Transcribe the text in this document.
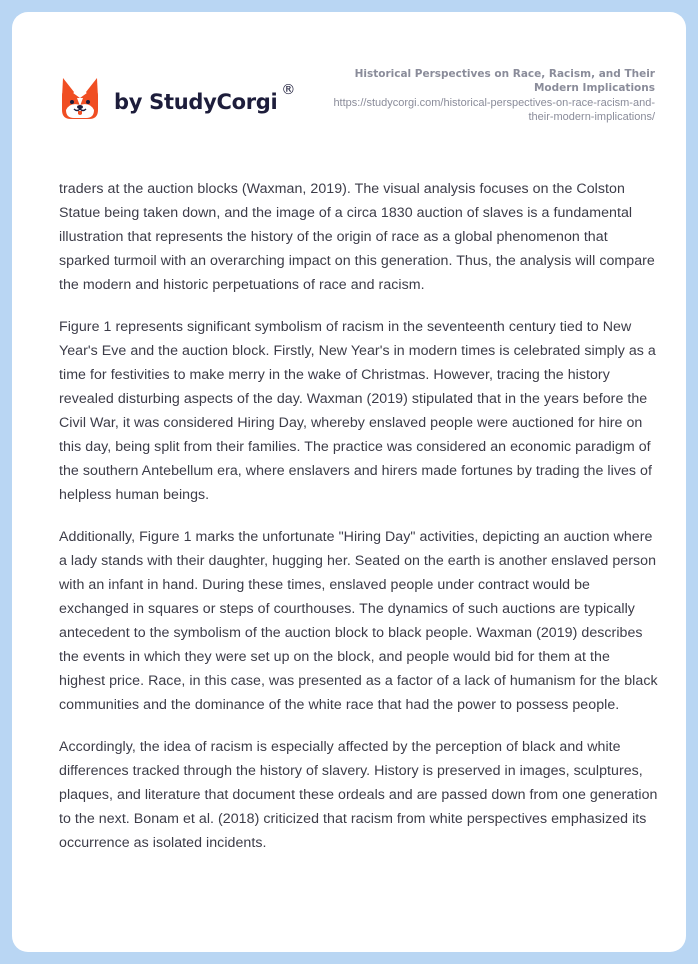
by StudyCorgi ®
Historical Perspectives on Race, Racism, and Their Modern Implications
https://studycorgi.com/historical-perspectives-on-race-racism-and-their-modern-implications/

traders at the auction blocks (Waxman, 2019). The visual analysis focuses on the Colston Statue being taken down, and the image of a circa 1830 auction of slaves is a fundamental illustration that represents the history of the origin of race as a global phenomenon that sparked turmoil with an overarching impact on this generation. Thus, the analysis will compare the modern and historic perpetuations of race and racism.

Figure 1 represents significant symbolism of racism in the seventeenth century tied to New Year's Eve and the auction block. Firstly, New Year's in modern times is celebrated simply as a time for festivities to make merry in the wake of Christmas. However, tracing the history revealed disturbing aspects of the day. Waxman (2019) stipulated that in the years before the Civil War, it was considered Hiring Day, whereby enslaved people were auctioned for hire on this day, being split from their families. The practice was considered an economic paradigm of the southern Antebellum era, where enslavers and hirers made fortunes by trading the lives of helpless human beings.

Additionally, Figure 1 marks the unfortunate "Hiring Day" activities, depicting an auction where a lady stands with their daughter, hugging her. Seated on the earth is another enslaved person with an infant in hand. During these times, enslaved people under contract would be exchanged in squares or steps of courthouses. The dynamics of such auctions are typically antecedent to the symbolism of the auction block to black people. Waxman (2019) describes the events in which they were set up on the block, and people would bid for them at the highest price. Race, in this case, was presented as a factor of a lack of humanism for the black communities and the dominance of the white race that had the power to possess people.

Accordingly, the idea of racism is especially affected by the perception of black and white differences tracked through the history of slavery. History is preserved in images, sculptures, plaques, and literature that document these ordeals and are passed down from one generation to the next. Bonam et al. (2018) criticized that racism from white perspectives emphasized its occurrence as isolated incidents.
